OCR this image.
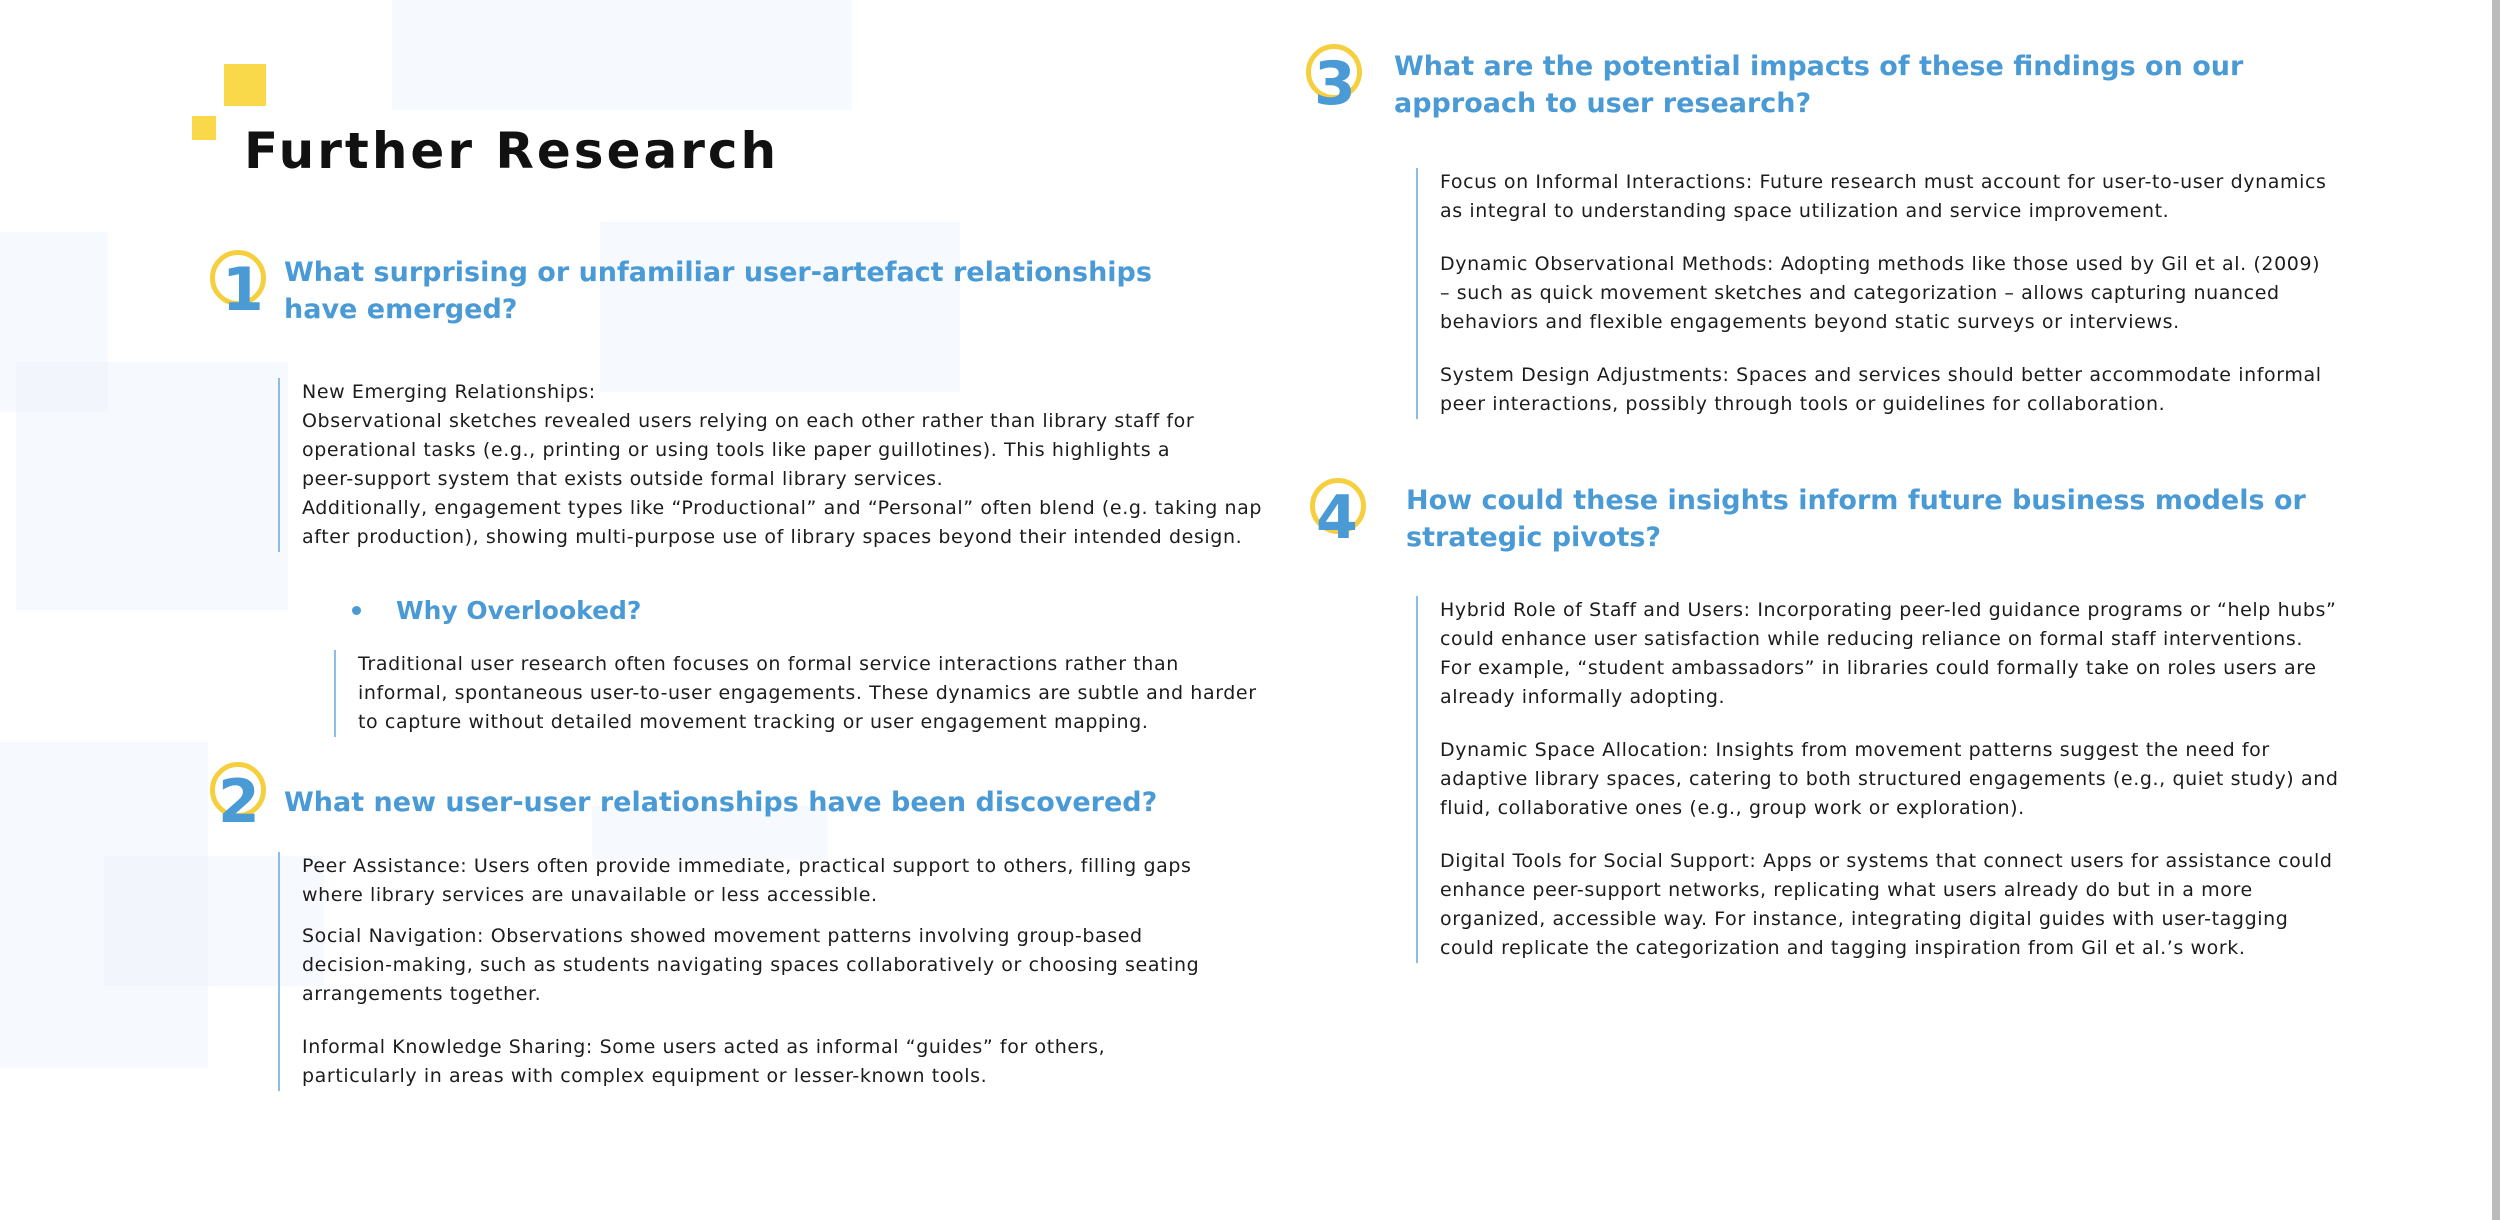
Further Research
1 What surprising or unfamiliar user-artefact relationships
have emerged?

New Emerging Relationships:

Observational sketches revealed users relying on each other rather than library staff for

operational tasks (e.g., printing or using tools like paper guillotines). This highlights a

peer-support system that exists outside formal library services.

Additionally, engagement types like “Productional” and “Personal” often blend (e.g. taking nap

after production), showing multi-purpose use of library spaces beyond their intended design.

Why Overlooked?

Traditional user research often focuses on formal service interactions rather than

informal, spontaneous user-to-user engagements. These dynamics are subtle and harder

to capture without detailed movement tracking or user engagement mapping.

2 What new user-user relationships have been discovered?

Peer Assistance: Users often provide immediate, practical support to others, filling gaps

where library services are unavailable or less accessible.

Social Navigation: Observations showed movement patterns involving group-based

decision-making, such as students navigating spaces collaboratively or choosing seating

arrangements together.

Informal Knowledge Sharing: Some users acted as informal “guides” for others,

particularly in areas with complex equipment or lesser-known tools.

3 What are the potential impacts of these findings on our
approach to user research?

Focus on Informal Interactions: Future research must account for user-to-user dynamics

as integral to understanding space utilization and service improvement.

Dynamic Observational Methods: Adopting methods like those used by Gil et al. (2009)

– such as quick movement sketches and categorization – allows capturing nuanced

behaviors and flexible engagements beyond static surveys or interviews.

System Design Adjustments: Spaces and services should better accommodate informal

peer interactions, possibly through tools or guidelines for collaboration.

4 How could these insights inform future business models or
strategic pivots?

Hybrid Role of Staff and Users: Incorporating peer-led guidance programs or “help hubs”

could enhance user satisfaction while reducing reliance on formal staff interventions.

For example, “student ambassadors” in libraries could formally take on roles users are

already informally adopting.

Dynamic Space Allocation: Insights from movement patterns suggest the need for

adaptive library spaces, catering to both structured engagements (e.g., quiet study) and

fluid, collaborative ones (e.g., group work or exploration).

Digital Tools for Social Support: Apps or systems that connect users for assistance could

enhance peer-support networks, replicating what users already do but in a more

organized, accessible way. For instance, integrating digital guides with user-tagging

could replicate the categorization and tagging inspiration from Gil et al.’s work.
